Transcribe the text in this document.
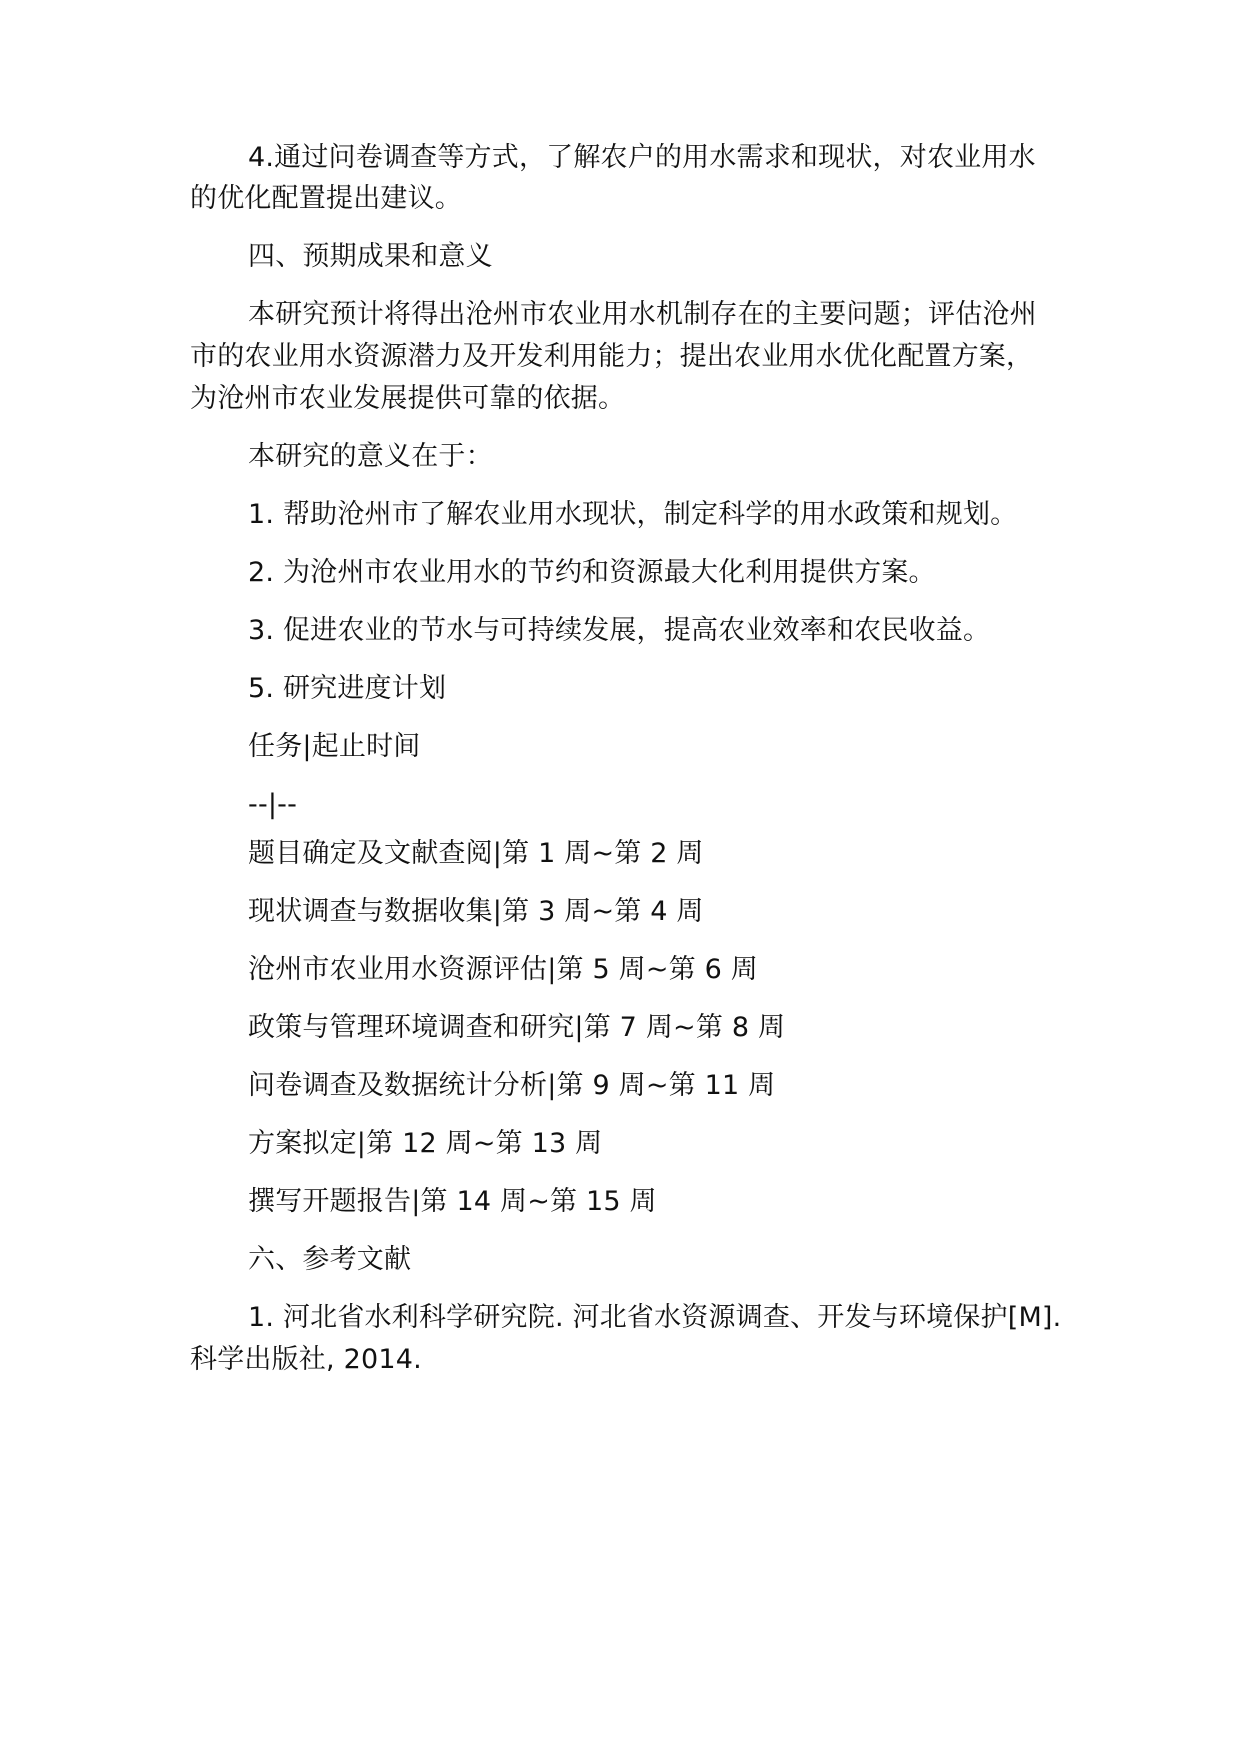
4.通过问卷调查等方式，了解农户的用水需求和现状，对农业用水
的优化配置提出建议。
四、预期成果和意义
本研究预计将得出沧州市农业用水机制存在的主要问题；评估沧州
市的农业用水资源潜力及开发利用能力；提出农业用水优化配置方案，
为沧州市农业发展提供可靠的依据。
本研究的意义在于：
1. 帮助沧州市了解农业用水现状，制定科学的用水政策和规划。
2. 为沧州市农业用水的节约和资源最大化利用提供方案。
3. 促进农业的节水与可持续发展，提高农业效率和农民收益。
5. 研究进度计划
任务|起止时间
--|--
题目确定及文献查阅|第 1 周~第 2 周
现状调查与数据收集|第 3 周~第 4 周
沧州市农业用水资源评估|第 5 周~第 6 周
政策与管理环境调查和研究|第 7 周~第 8 周
问卷调查及数据统计分析|第 9 周~第 11 周
方案拟定|第 12 周~第 13 周
撰写开题报告|第 14 周~第 15 周
六、参考文献
1. 河北省水利科学研究院. 河北省水资源调查、开发与环境保护[M].
科学出版社, 2014.
